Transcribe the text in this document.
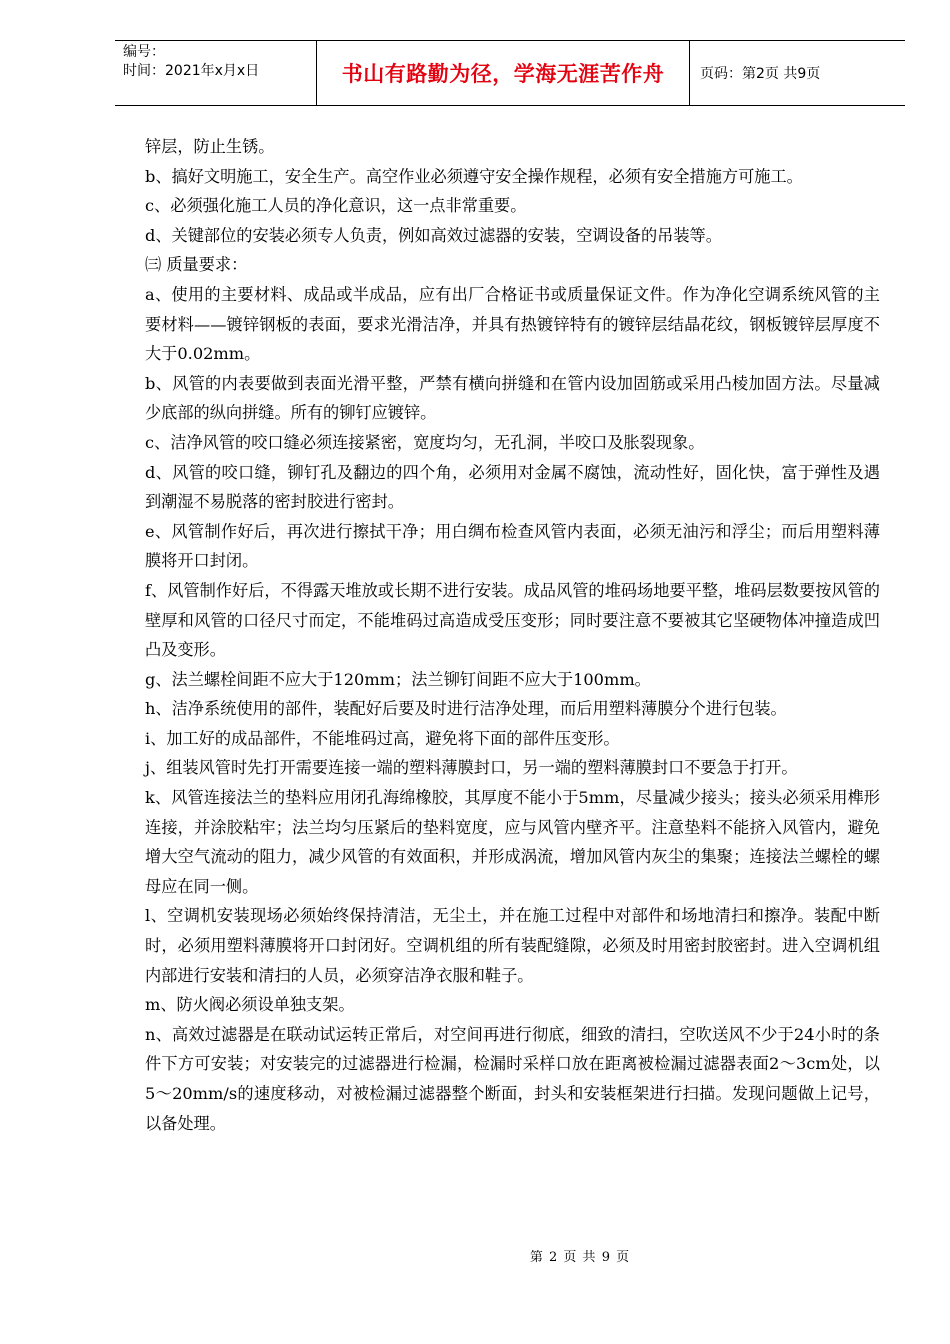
编号：
时间：2021年x月x日	书山有路勤为径，学海无涯苦作舟	页码：第2页 共9页

锌层，防止生锈。

b、搞好文明施工，安全生产。高空作业必须遵守安全操作规程，必须有安全措施方可施工。

c、必须强化施工人员的净化意识，这一点非常重要。

d、关键部位的安装必须专人负责，例如高效过滤器的安装，空调设备的吊装等。

㈢ 质量要求：

a、使用的主要材料、成品或半成品，应有出厂合格证书或质量保证文件。作为净化空调系统风管的主要材料——镀锌钢板的表面，要求光滑洁净，并具有热镀锌特有的镀锌层结晶花纹，钢板镀锌层厚度不大于0.02mm。

b、风管的内表要做到表面光滑平整，严禁有横向拼缝和在管内设加固筋或采用凸棱加固方法。尽量减少底部的纵向拼缝。所有的铆钉应镀锌。

c、洁净风管的咬口缝必须连接紧密，宽度均匀，无孔洞，半咬口及胀裂现象。

d、风管的咬口缝，铆钉孔及翻边的四个角，必须用对金属不腐蚀，流动性好，固化快，富于弹性及遇到潮湿不易脱落的密封胶进行密封。

e、风管制作好后，再次进行擦拭干净；用白绸布检查风管内表面，必须无油污和浮尘；而后用塑料薄膜将开口封闭。

f、风管制作好后，不得露天堆放或长期不进行安装。成品风管的堆码场地要平整，堆码层数要按风管的壁厚和风管的口径尺寸而定，不能堆码过高造成受压变形；同时要注意不要被其它坚硬物体冲撞造成凹凸及变形。

g、法兰螺栓间距不应大于120mm；法兰铆钉间距不应大于100mm。

h、洁净系统使用的部件，装配好后要及时进行洁净处理，而后用塑料薄膜分个进行包装。

i、加工好的成品部件，不能堆码过高，避免将下面的部件压变形。

j、组装风管时先打开需要连接一端的塑料薄膜封口，另一端的塑料薄膜封口不要急于打开。

k、风管连接法兰的垫料应用闭孔海绵橡胶，其厚度不能小于5mm，尽量减少接头；接头必须采用榫形连接，并涂胶粘牢；法兰均匀压紧后的垫料宽度，应与风管内壁齐平。注意垫料不能挤入风管内，避免增大空气流动的阻力，减少风管的有效面积，并形成涡流，增加风管内灰尘的集聚；连接法兰螺栓的螺母应在同一侧。

l、空调机安装现场必须始终保持清洁，无尘土，并在施工过程中对部件和场地清扫和擦净。装配中断时，必须用塑料薄膜将开口封闭好。空调机组的所有装配缝隙，必须及时用密封胶密封。进入空调机组内部进行安装和清扫的人员，必须穿洁净衣服和鞋子。

m、防火阀必须设单独支架。

n、高效过滤器是在联动试运转正常后，对空间再进行彻底，细致的清扫，空吹送风不少于24小时的条件下方可安装；对安装完的过滤器进行检漏，检漏时采样口放在距离被检漏过滤器表面2～3cm处，以5～20mm/s的速度移动，对被检漏过滤器整个断面，封头和安装框架进行扫描。发现问题做上记号，以备处理。

第 2 页 共 9 页
